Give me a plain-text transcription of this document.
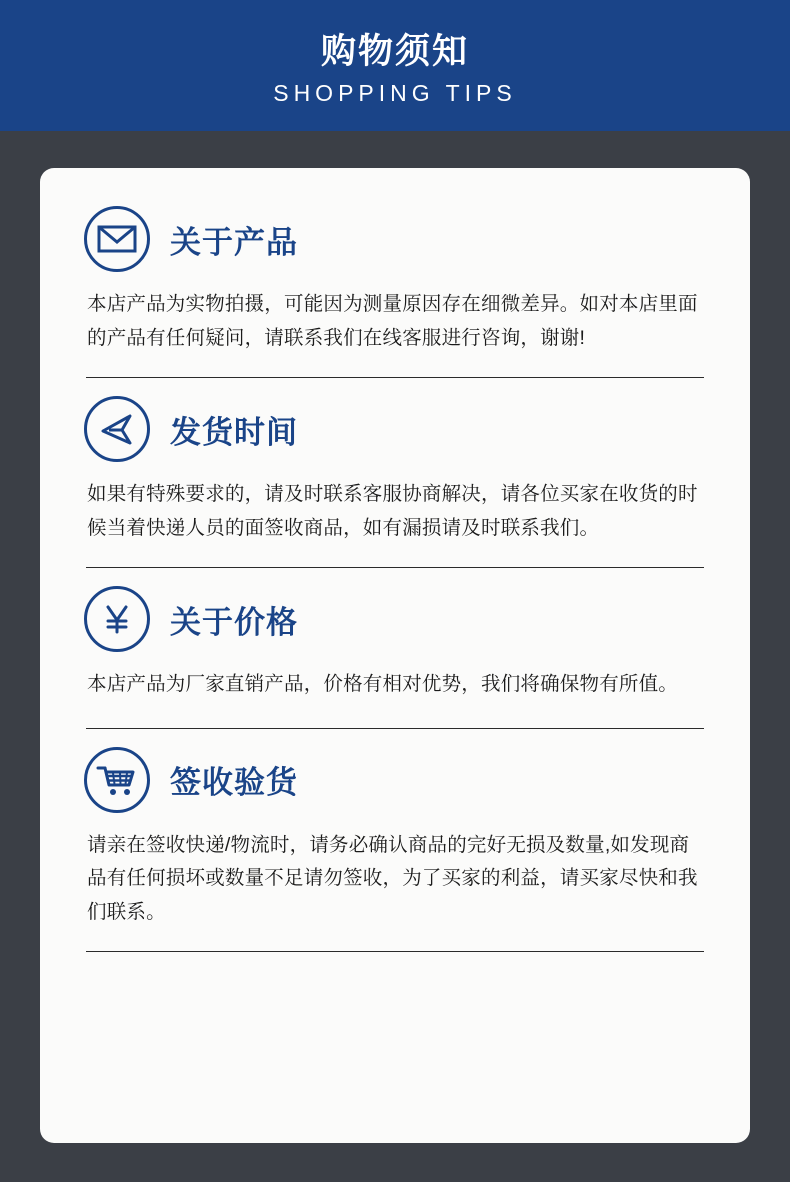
购物须知
SHOPPING TIPS
关于产品
本店产品为实物拍摄，可能因为测量原因存在细微差异。如对本店里面的产品有任何疑问，请联系我们在线客服进行咨询，谢谢!
发货时间
如果有特殊要求的，请及时联系客服协商解决，请各位买家在收货的时候当着快递人员的面签收商品，如有漏损请及时联系我们。
关于价格
本店产品为厂家直销产品，价格有相对优势，我们将确保物有所值。
签收验货
请亲在签收快递/物流时，请务必确认商品的完好无损及数量,如发现商品有任何损坏或数量不足请勿签收，为了买家的利益，请买家尽快和我们联系。
